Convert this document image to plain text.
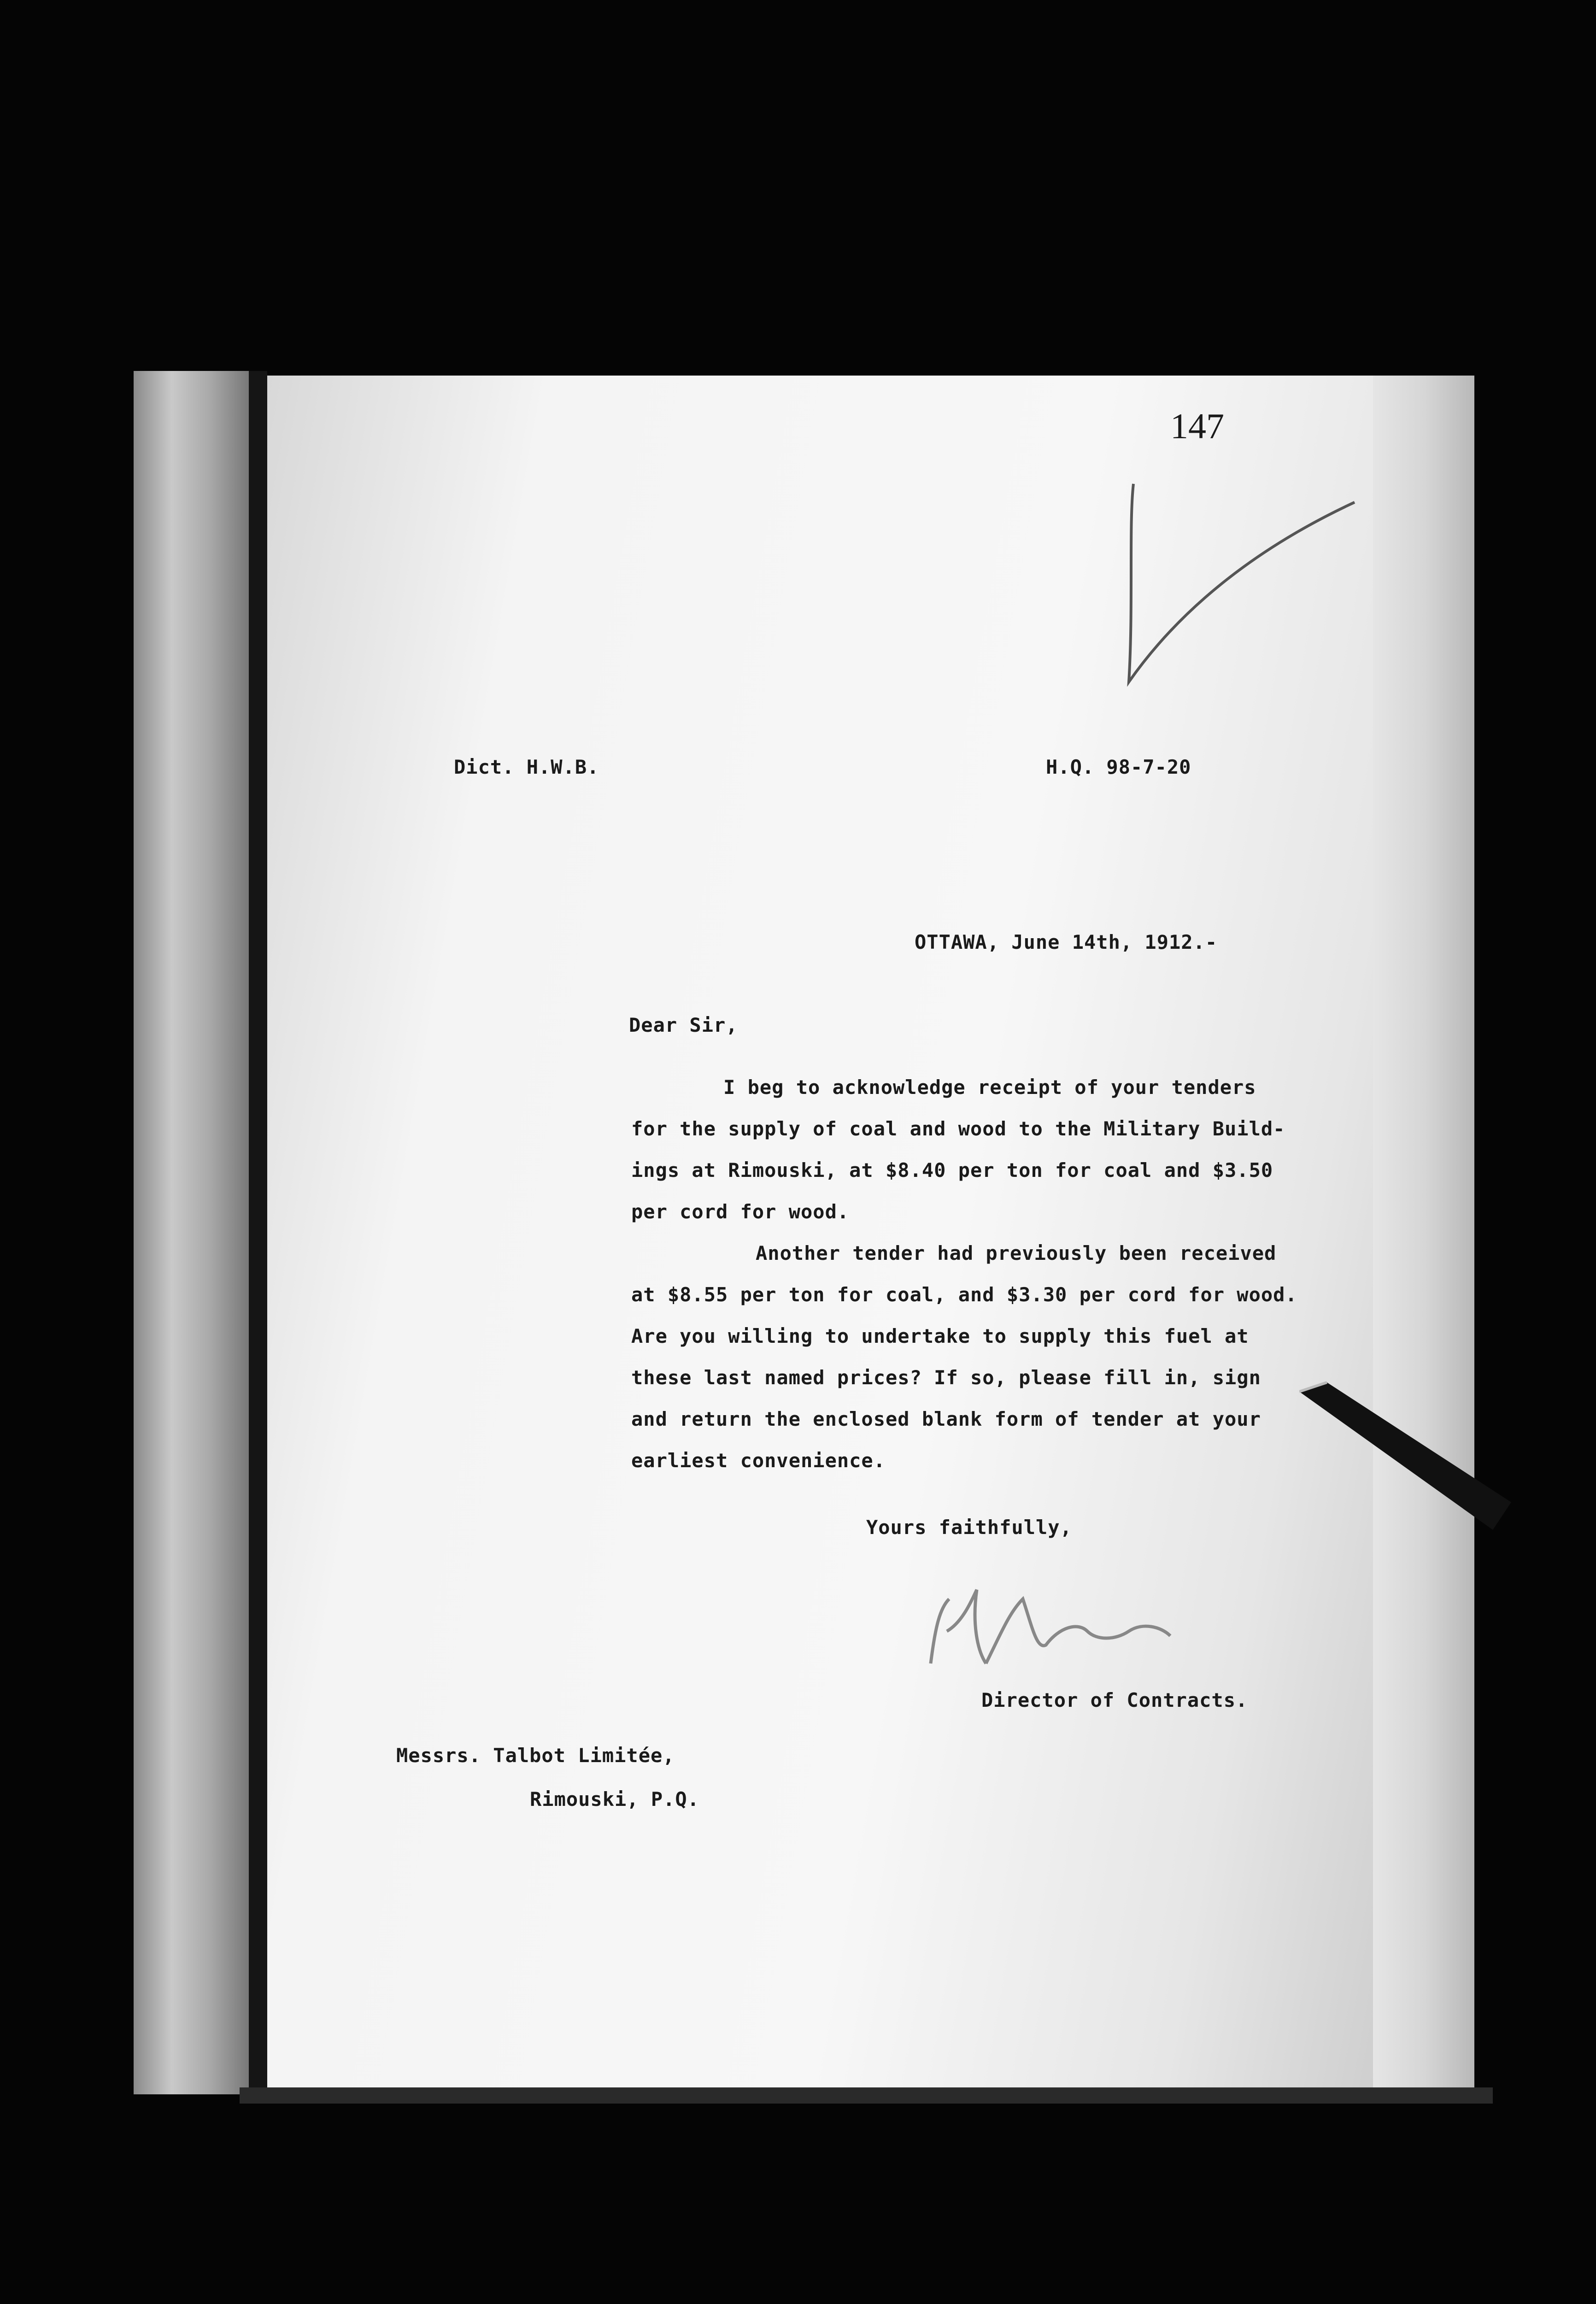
147
Dict. H.W.B.	H.Q. 98-7-20
OTTAWA, June 14th, 1912.-
Dear Sir,
I beg to acknowledge receipt of your tenders
for the supply of coal and wood to the Military Build-
ings at Rimouski, at $8.40 per ton for coal and $3.50
per cord for wood.
Another tender had previously been received
at $8.55 per ton for coal, and $3.30 per cord for wood.
Are you willing to undertake to supply this fuel at
these last named prices? If so, please fill in, sign
and return the enclosed blank form of tender at your
earliest convenience.
Yours faithfully,
Director of Contracts.
Messrs. Talbot Limitée,
Rimouski, P.Q.
